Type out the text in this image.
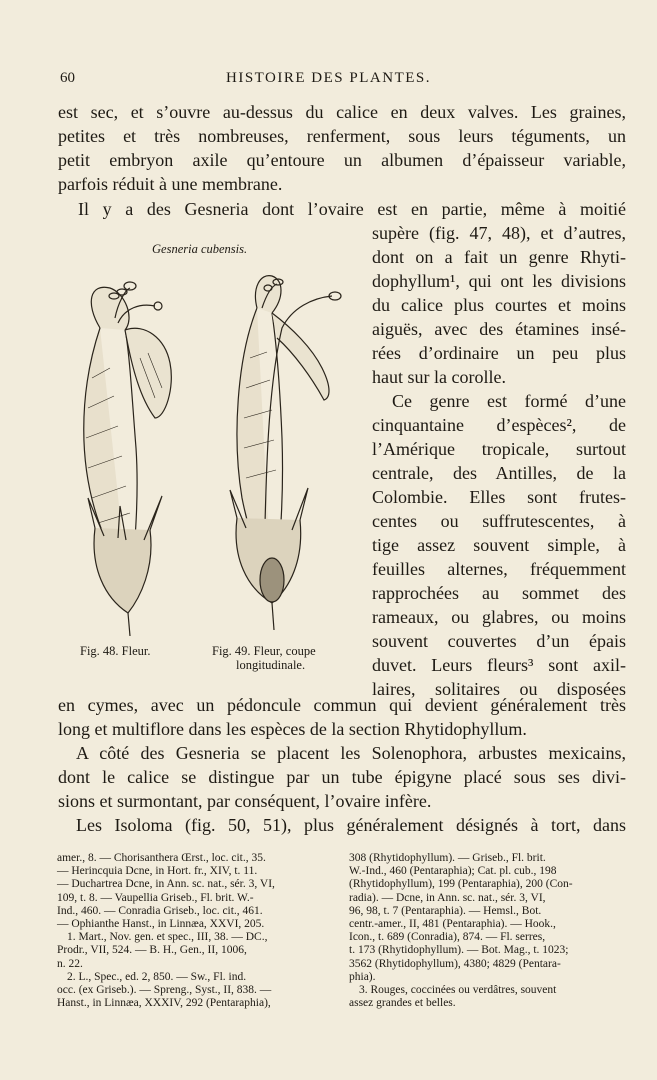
60	HISTOIRE DES PLANTES.
est sec, et s’ouvre au-dessus du calice en deux valves. Les graines,
petites et très nombreuses, renferment, sous leurs téguments, un
petit embryon axile qu’entoure un albumen d’épaisseur variable,
parfois réduit à une membrane.
Il y a des Gesneria dont l’ovaire est en partie, même à moitié
supère (fig. 47, 48), et d’autres,
dont on a fait un genre Rhyti-
dophyllum¹, qui ont les divisions
du calice plus courtes et moins
aiguës, avec des étamines insé-
rées d’ordinaire un peu plus
haut sur la corolle.
Ce genre est formé d’une
cinquantaine d’espèces², de
l’Amérique tropicale, surtout
centrale, des Antilles, de la
Colombie. Elles sont frutes-
centes ou suffrutescentes, à
tige assez souvent simple, à
feuilles alternes, fréquemment
rapprochées au sommet des
rameaux, ou glabres, ou moins
souvent couvertes d’un épais
duvet. Leurs fleurs³ sont axil-
laires, solitaires ou disposées
en cymes, avec un pédoncule commun qui devient généralement très
long et multiflore dans les espèces de la section Rhytidophyllum.
A côté des Gesneria se placent les Solenophora, arbustes mexicains,
dont le calice se distingue par un tube épigyne placé sous ses divi-
sions et surmontant, par conséquent, l’ovaire infère.
Les Isoloma (fig. 50, 51), plus généralement désignés à tort, dans
Gesneria cubensis.
Fig. 48. Fleur.	Fig. 49. Fleur, coupe
longitudinale.
amer., 8. — Chorisanthera Œrst., loc. cit., 35.
— Herincquia Dcne, in Hort. fr., XIV, t. 11.
— Duchartrea Dcne, in Ann. sc. nat., sér. 3, VI,
109, t. 8. — Vaupellia Griseb., Fl. brit. W.-
Ind., 460. — Conradia Griseb., loc. cit., 461.
— Ophianthe Hanst., in Linnæa, XXVI, 205.
1. Mart., Nov. gen. et spec., III, 38. — DC.,
Prodr., VII, 524. — B. H., Gen., II, 1006,
n. 22.
2. L., Spec., ed. 2, 850. — Sw., Fl. ind.
occ. (ex Griseb.). — Spreng., Syst., II, 838. —
Hanst., in Linnæa, XXXIV, 292 (Pentaraphia),
308 (Rhytidophyllum). — Griseb., Fl. brit.
W.-Ind., 460 (Pentaraphia); Cat. pl. cub., 198
(Rhytidophyllum), 199 (Pentaraphia), 200 (Con-
radia). — Dcne, in Ann. sc. nat., sér. 3, VI,
96, 98, t. 7 (Pentaraphia). — Hemsl., Bot.
centr.-amer., II, 481 (Pentaraphia). — Hook.,
Icon., t. 689 (Conradia), 874. — Fl. serres,
t. 173 (Rhytidophyllum). — Bot. Mag., t. 1023;
3562 (Rhytidophyllum), 4380; 4829 (Pentara-
phia).
3. Rouges, coccinées ou verdâtres, souvent
assez grandes et belles.
